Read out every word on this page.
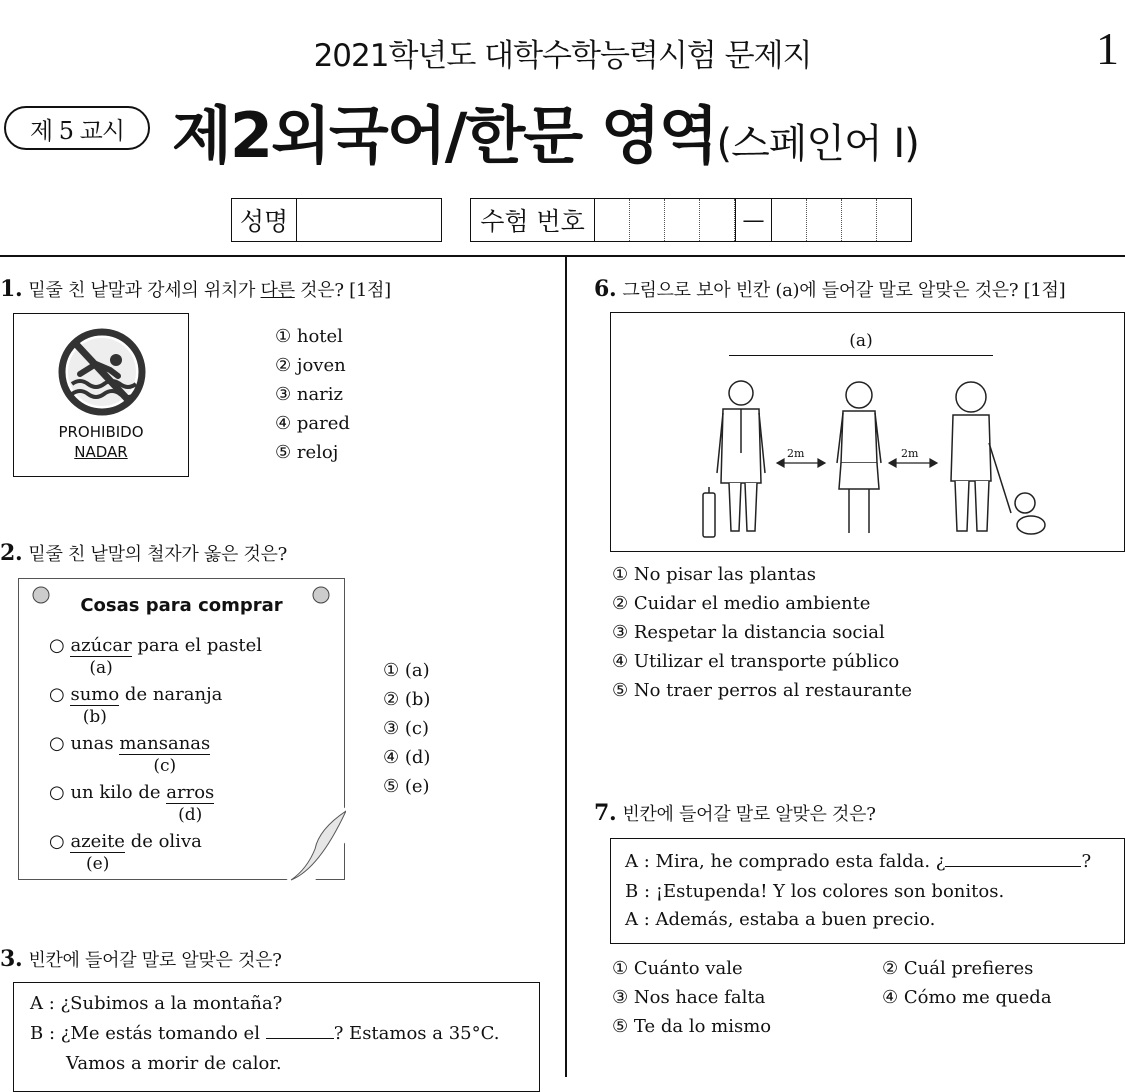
2021학년도 대학수학능력시험 문제지	1
제 5 교시 제2외국어/한문 영역(스페인어 I)
성명	수험 번호	—
1. 밑줄 친 낱말과 강세의 위치가 다른 것은? [1점]
PROHIBIDO
NADAR
① hotel
② joven
③ nariz
④ pared
⑤ reloj
2. 밑줄 친 낱말의 철자가 옳은 것은?
Cosas para comprar
○ azúcar
(a)
para el pastel
○ sumo
(b)
de naranja
○ unas mansanas
(c)
○ un kilo de arros
(d)
○ azeite
(e)
de oliva
① (a)
② (b)
③ (c)
④ (d)
⑤ (e)
3. 빈칸에 들어갈 말로 알맞은 것은?
A : ¿Subimos a la montaña?
B : ¿Me estás tomando el	? Estamos a 35°C.
Vamos a morir de calor.
6. 그림으로 보아 빈칸 (a)에 들어갈 말로 알맞은 것은? [1점]
(a)
2m	2m
① No pisar las plantas
② Cuidar el medio ambiente
③ Respetar la distancia social
④ Utilizar el transporte público
⑤ No traer perros al restaurante
7. 빈칸에 들어갈 말로 알맞은 것은?
A : Mira, he comprado esta falda. ¿	?
B : ¡Estupenda! Y los colores son bonitos.
A : Además, estaba a buen precio.
① Cuánto vale	② Cuál prefieres
③ Nos hace falta	④ Cómo me queda
⑤ Te da lo mismo
